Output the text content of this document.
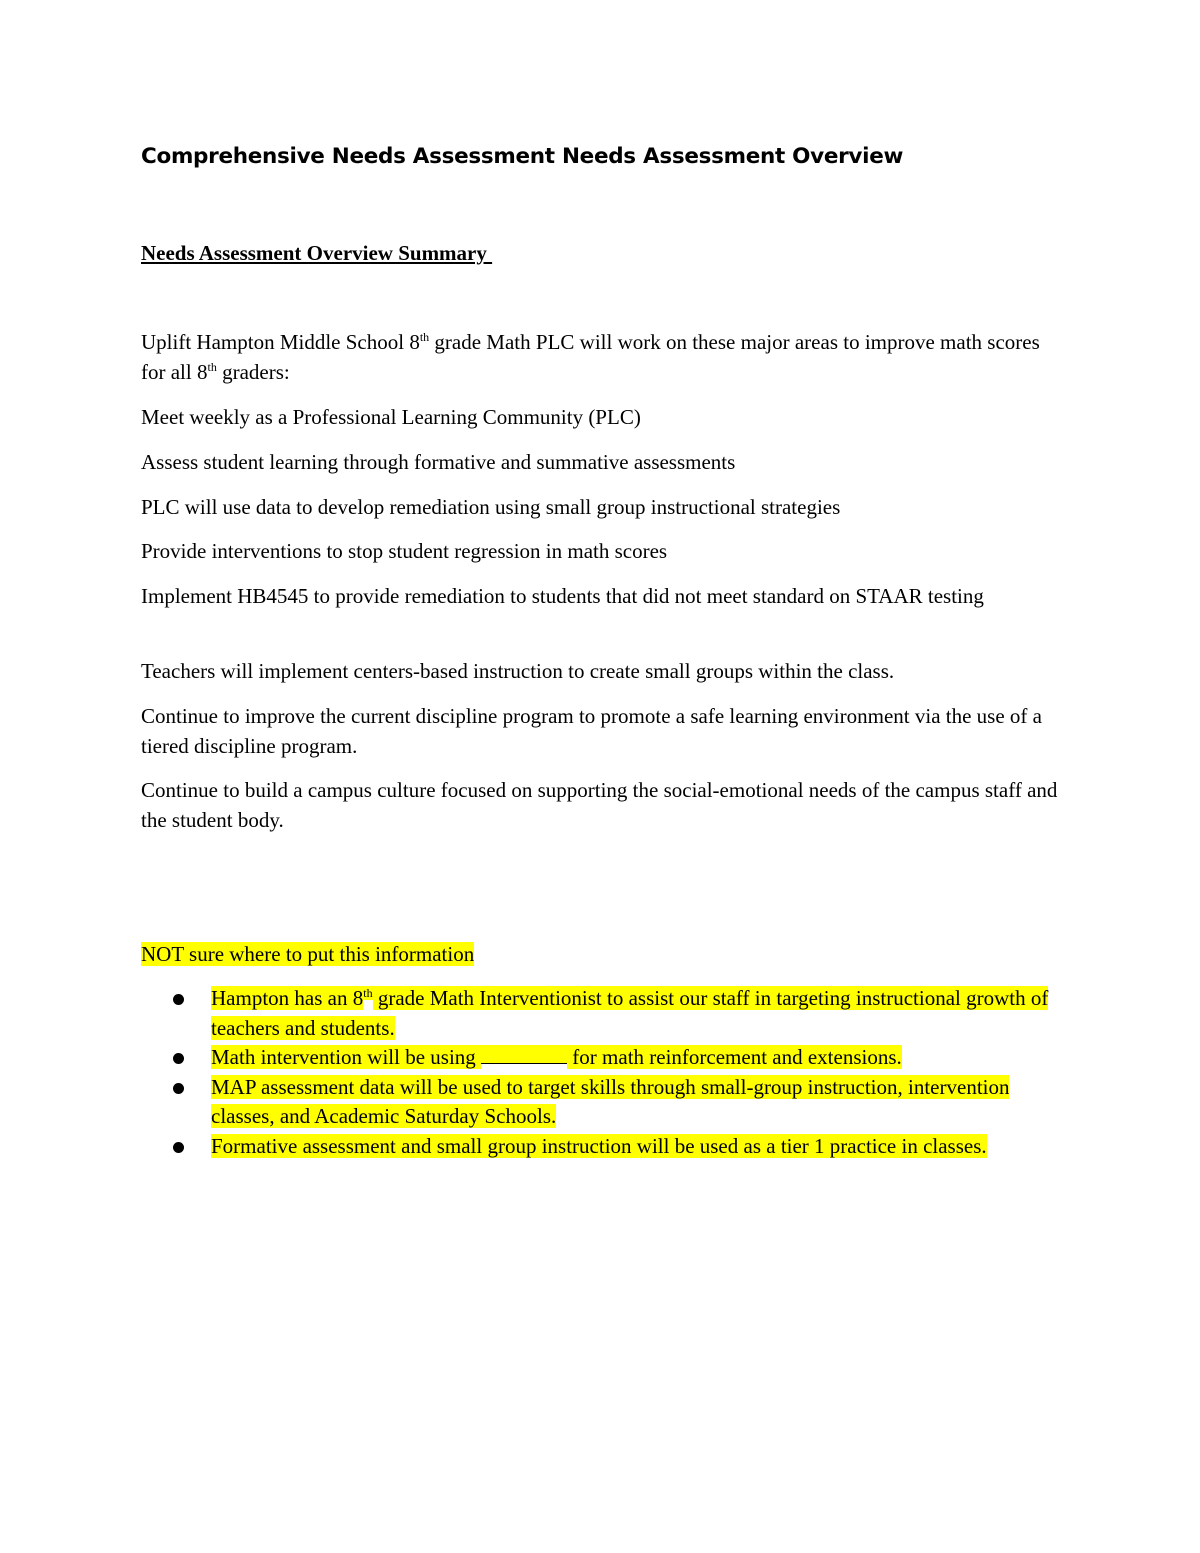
Comprehensive Needs Assessment Needs Assessment Overview
Needs Assessment Overview Summary
Uplift Hampton Middle School 8th grade Math PLC will work on these major areas to improve math scores for all 8th graders:
Meet weekly as a Professional Learning Community (PLC)
Assess student learning through formative and summative assessments
PLC will use data to develop remediation using small group instructional strategies
Provide interventions to stop student regression in math scores
Implement HB4545 to provide remediation to students that did not meet standard on STAAR testing
Teachers will implement centers-based instruction to create small groups within the class.
Continue to improve the current discipline program to promote a safe learning environment via the use of a tiered discipline program.
Continue to build a campus culture focused on supporting the social-emotional needs of the campus staff and the student body.
NOT sure where to put this information
Hampton has an 8th grade Math Interventionist to assist our staff in targeting instructional growth of teachers and students.
Math intervention will be using	for math reinforcement and extensions.
MAP assessment data will be used to target skills through small-group instruction, intervention classes, and Academic Saturday Schools.
Formative assessment and small group instruction will be used as a tier 1 practice in classes.
